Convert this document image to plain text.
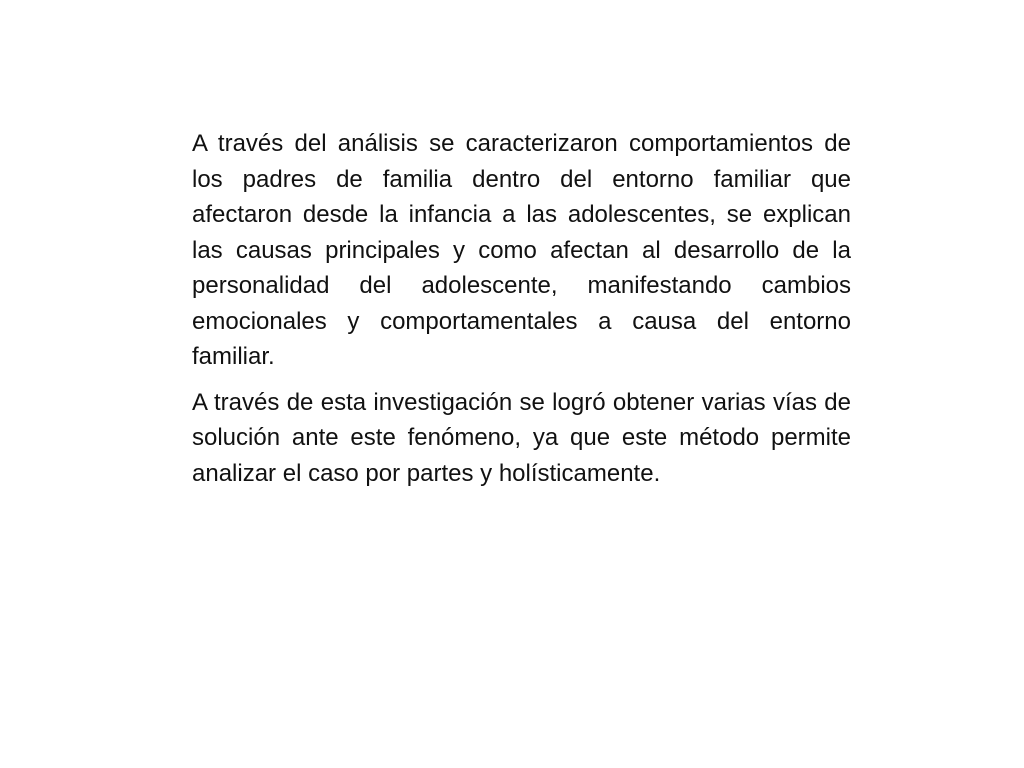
A través del análisis se caracterizaron comportamientos de los padres de familia dentro del entorno familiar que afectaron desde la infancia a las adolescentes, se explican las causas principales y como afectan al desarrollo de la personalidad del adolescente, manifestando cambios emocionales y comportamentales a causa del entorno familiar.

A través de esta investigación se logró obtener varias vías de solución ante este fenómeno, ya que este método permite analizar el caso por partes y holísticamente.
